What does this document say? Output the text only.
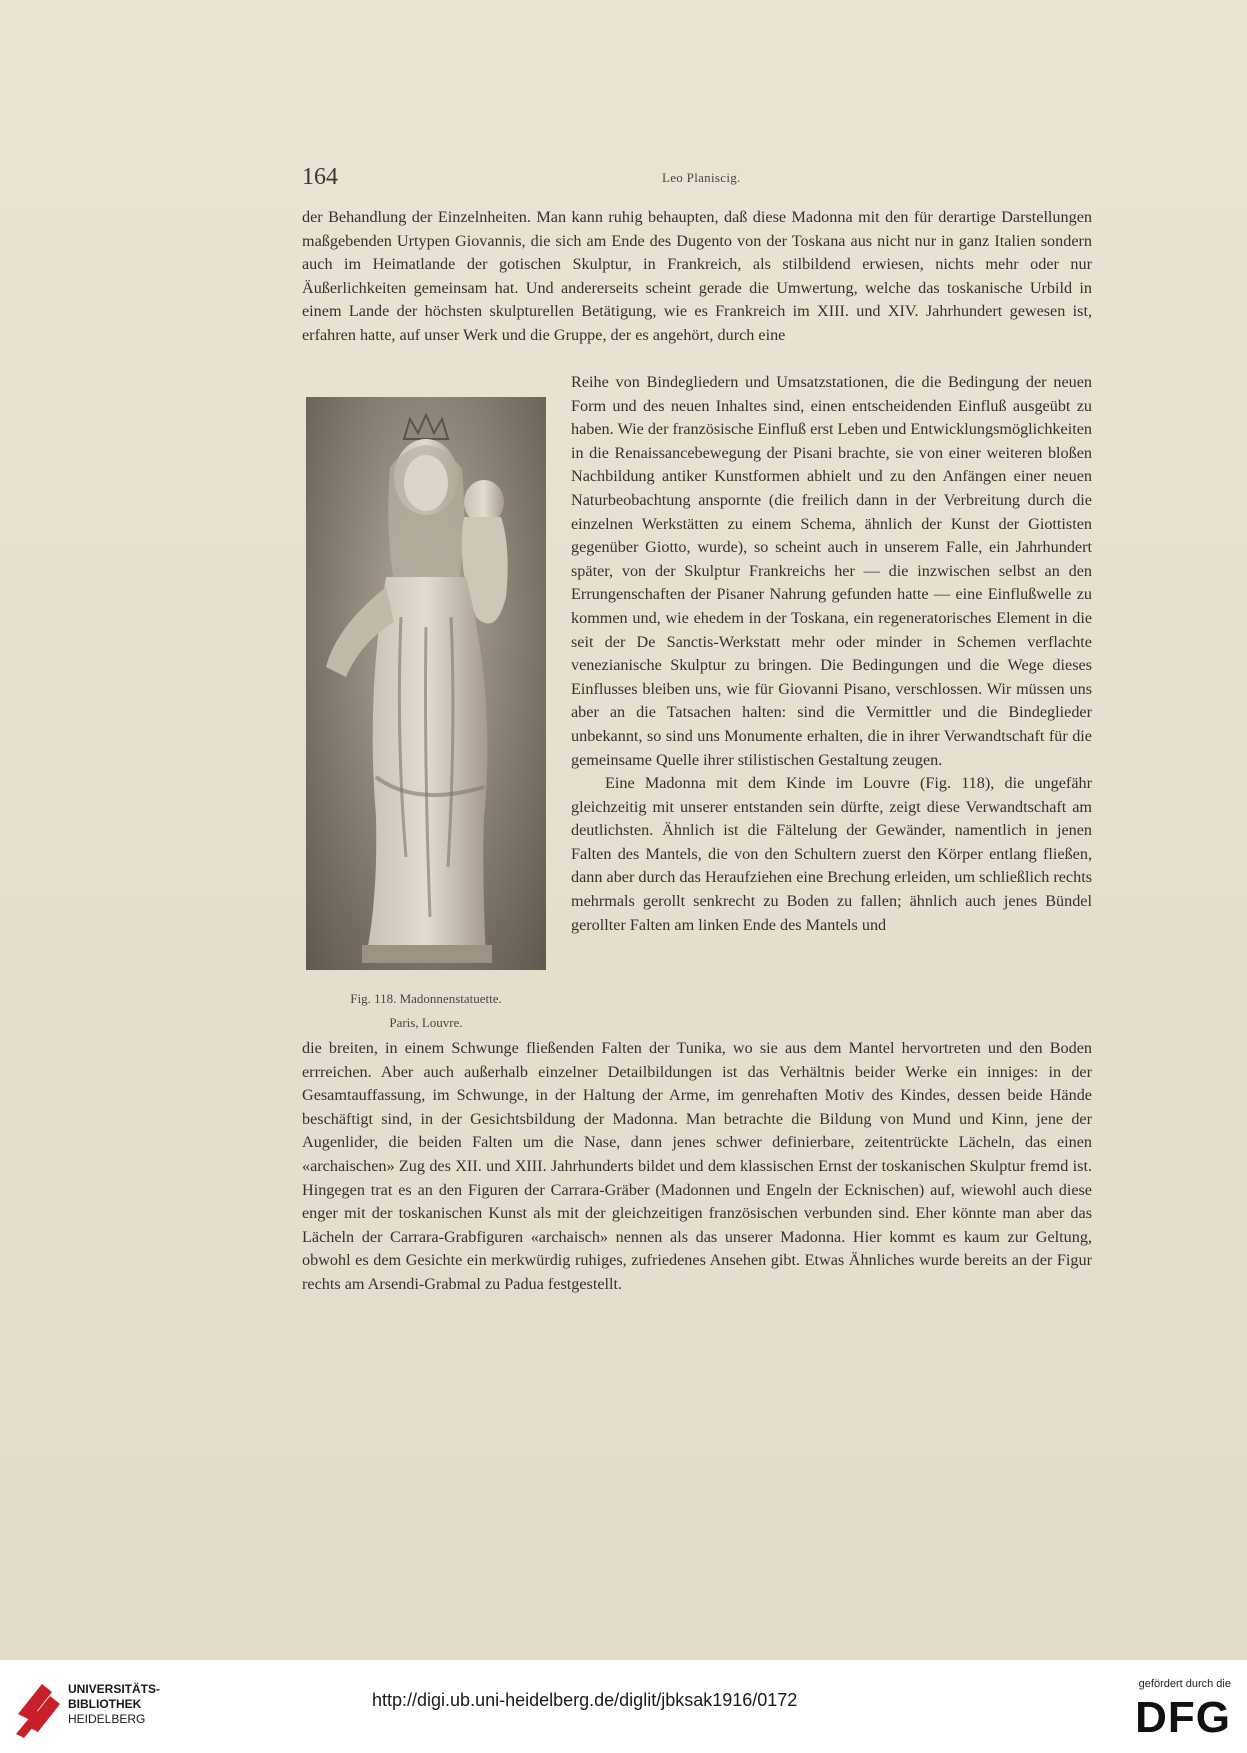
164	Leo Planiscig.

der Behandlung der Einzelnheiten. Man kann ruhig behaupten, daß diese Madonna mit den für derartige Darstellungen maßgebenden Urtypen Giovannis, die sich am Ende des Dugento von der Toskana aus nicht nur in ganz Italien sondern auch im Heimatlande der gotischen Skulptur, in Frankreich, als stilbildend erwiesen, nichts mehr oder nur Äußerlichkeiten gemeinsam hat. Und andererseits scheint gerade die Umwertung, welche das toskanische Urbild in einem Lande der höchsten skulpturellen Betätigung, wie es Frankreich im XIII. und XIV. Jahrhundert gewesen ist, erfahren hatte, auf unser Werk und die Gruppe, der es angehört, durch eine

Fig. 118. Madonnenstatuette.
Paris, Louvre.

Reihe von Bindegliedern und Umsatzstationen, die die Bedingung der neuen Form und des neuen Inhaltes sind, einen entscheidenden Einfluß ausgeübt zu haben. Wie der französische Einfluß erst Leben und Entwicklungsmöglichkeiten in die Renaissancebewegung der Pisani brachte, sie von einer weiteren bloßen Nachbildung antiker Kunstformen abhielt und zu den Anfängen einer neuen Naturbeobachtung anspornte (die freilich dann in der Verbreitung durch die einzelnen Werkstätten zu einem Schema, ähnlich der Kunst der Giottisten gegenüber Giotto, wurde), so scheint auch in unserem Falle, ein Jahrhundert später, von der Skulptur Frankreichs her — die inzwischen selbst an den Errungenschaften der Pisaner Nahrung gefunden hatte — eine Einflußwelle zu kommen und, wie ehedem in der Toskana, ein regeneratorisches Element in die seit der De Sanctis-Werkstatt mehr oder minder in Schemen verflachte venezianische Skulptur zu bringen. Die Bedingungen und die Wege dieses Einflusses bleiben uns, wie für Giovanni Pisano, verschlossen. Wir müssen uns aber an die Tatsachen halten: sind die Vermittler und die Bindeglieder unbekannt, so sind uns Monumente erhalten, die in ihrer Verwandtschaft für die gemeinsame Quelle ihrer stilistischen Gestaltung zeugen.

Eine Madonna mit dem Kinde im Louvre (Fig. 118), die ungefähr gleichzeitig mit unserer entstanden sein dürfte, zeigt diese Verwandtschaft am deutlichsten. Ähnlich ist die Fältelung der Gewänder, namentlich in jenen Falten des Mantels, die von den Schultern zuerst den Körper entlang fließen, dann aber durch das Heraufziehen eine Brechung erleiden, um schließlich rechts mehrmals gerollt senkrecht zu Boden zu fallen; ähnlich auch jenes Bündel gerollter Falten am linken Ende des Mantels und

die breiten, in einem Schwunge fließenden Falten der Tunika, wo sie aus dem Mantel hervortreten und den Boden errreichen. Aber auch außerhalb einzelner Detailbildungen ist das Verhältnis beider Werke ein inniges: in der Gesamtauffassung, im Schwunge, in der Haltung der Arme, im genrehaften Motiv des Kindes, dessen beide Hände beschäftigt sind, in der Gesichtsbildung der Madonna. Man betrachte die Bildung von Mund und Kinn, jene der Augenlider, die beiden Falten um die Nase, dann jenes schwer definierbare, zeitentrückte Lächeln, das einen «archaischen» Zug des XII. und XIII. Jahrhunderts bildet und dem klassischen Ernst der toskanischen Skulptur fremd ist. Hingegen trat es an den Figuren der Carrara-Gräber (Madonnen und Engeln der Ecknischen) auf, wiewohl auch diese enger mit der toskanischen Kunst als mit der gleichzeitigen französischen verbunden sind. Eher könnte man aber das Lächeln der Carrara-Grabfiguren «archaisch» nennen als das unserer Madonna. Hier kommt es kaum zur Geltung, obwohl es dem Gesichte ein merkwürdig ruhiges, zufriedenes Ansehen gibt. Etwas Ähnliches wurde bereits an der Figur rechts am Arsendi-Grabmal zu Padua festgestellt.

UNIVERSITÄTS-
BIBLIOTHEK
HEIDELBERG
http://digi.ub.uni-heidelberg.de/diglit/jbksak1916/0172
gefördert durch die
DFG
